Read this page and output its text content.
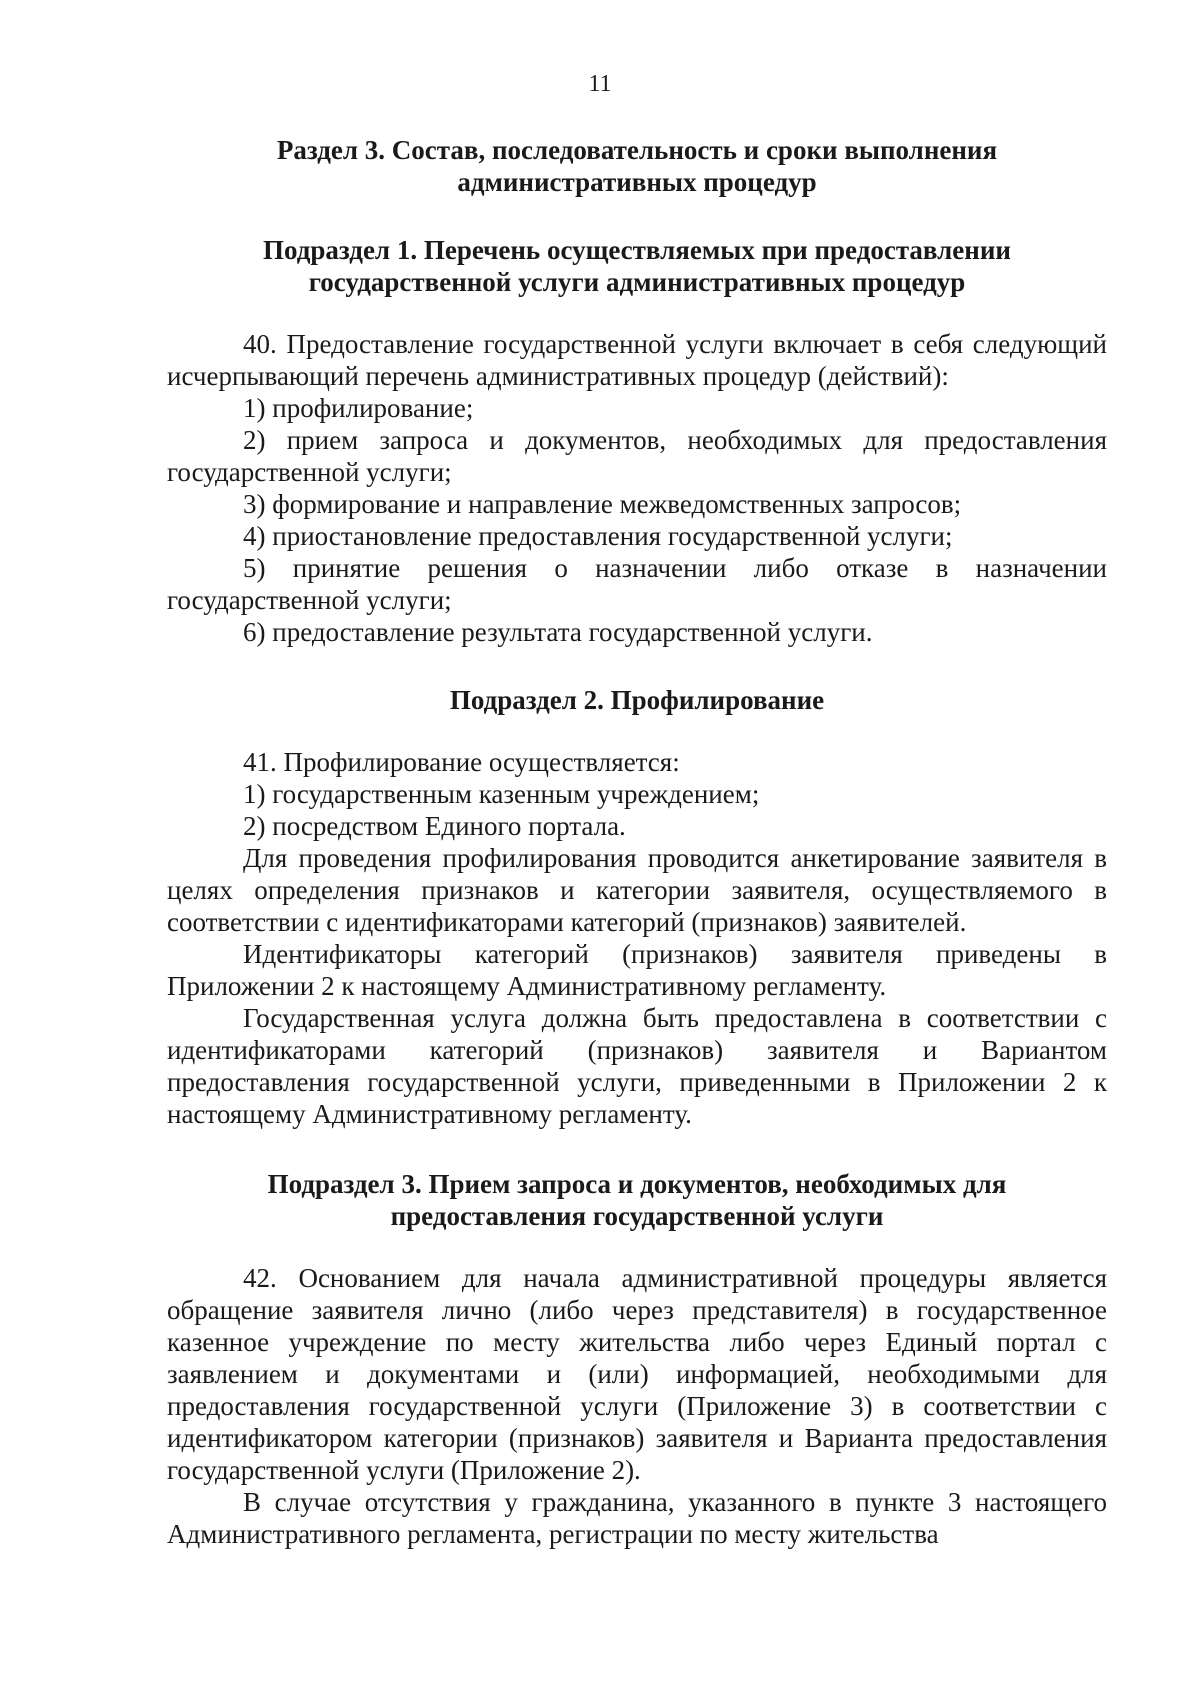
11

Раздел 3. Состав, последовательность и сроки выполнения административных процедур

Подраздел 1. Перечень осуществляемых при предоставлении государственной услуги административных процедур

40. Предоставление государственной услуги включает в себя следующий исчерпывающий перечень административных процедур (действий):

1) профилирование;

2) прием запроса и документов, необходимых для предоставления государственной услуги;

3) формирование и направление межведомственных запросов;

4) приостановление предоставления государственной услуги;

5) принятие решения о назначении либо отказе в назначении государственной услуги;

6) предоставление результата государственной услуги.

Подраздел 2. Профилирование

41. Профилирование осуществляется:

1) государственным казенным учреждением;

2) посредством Единого портала.

Для проведения профилирования проводится анкетирование заявителя в целях определения признаков и категории заявителя, осуществляемого в соответствии с идентификаторами категорий (признаков) заявителей.

Идентификаторы категорий (признаков) заявителя приведены в Приложении 2 к настоящему Административному регламенту.

Государственная услуга должна быть предоставлена в соответствии с идентификаторами категорий (признаков) заявителя и Вариантом предоставления государственной услуги, приведенными в Приложении 2 к настоящему Административному регламенту.

Подраздел 3. Прием запроса и документов, необходимых для предоставления государственной услуги

42. Основанием для начала административной процедуры является обращение заявителя лично (либо через представителя) в государственное казенное учреждение по месту жительства либо через Единый портал с заявлением и документами и (или) информацией, необходимыми для предоставления государственной услуги (Приложение 3) в соответствии с идентификатором категории (признаков) заявителя и Варианта предоставления государственной услуги (Приложение 2).

В случае отсутствия у гражданина, указанного в пункте 3 настоящего Административного регламента, регистрации по месту жительства
